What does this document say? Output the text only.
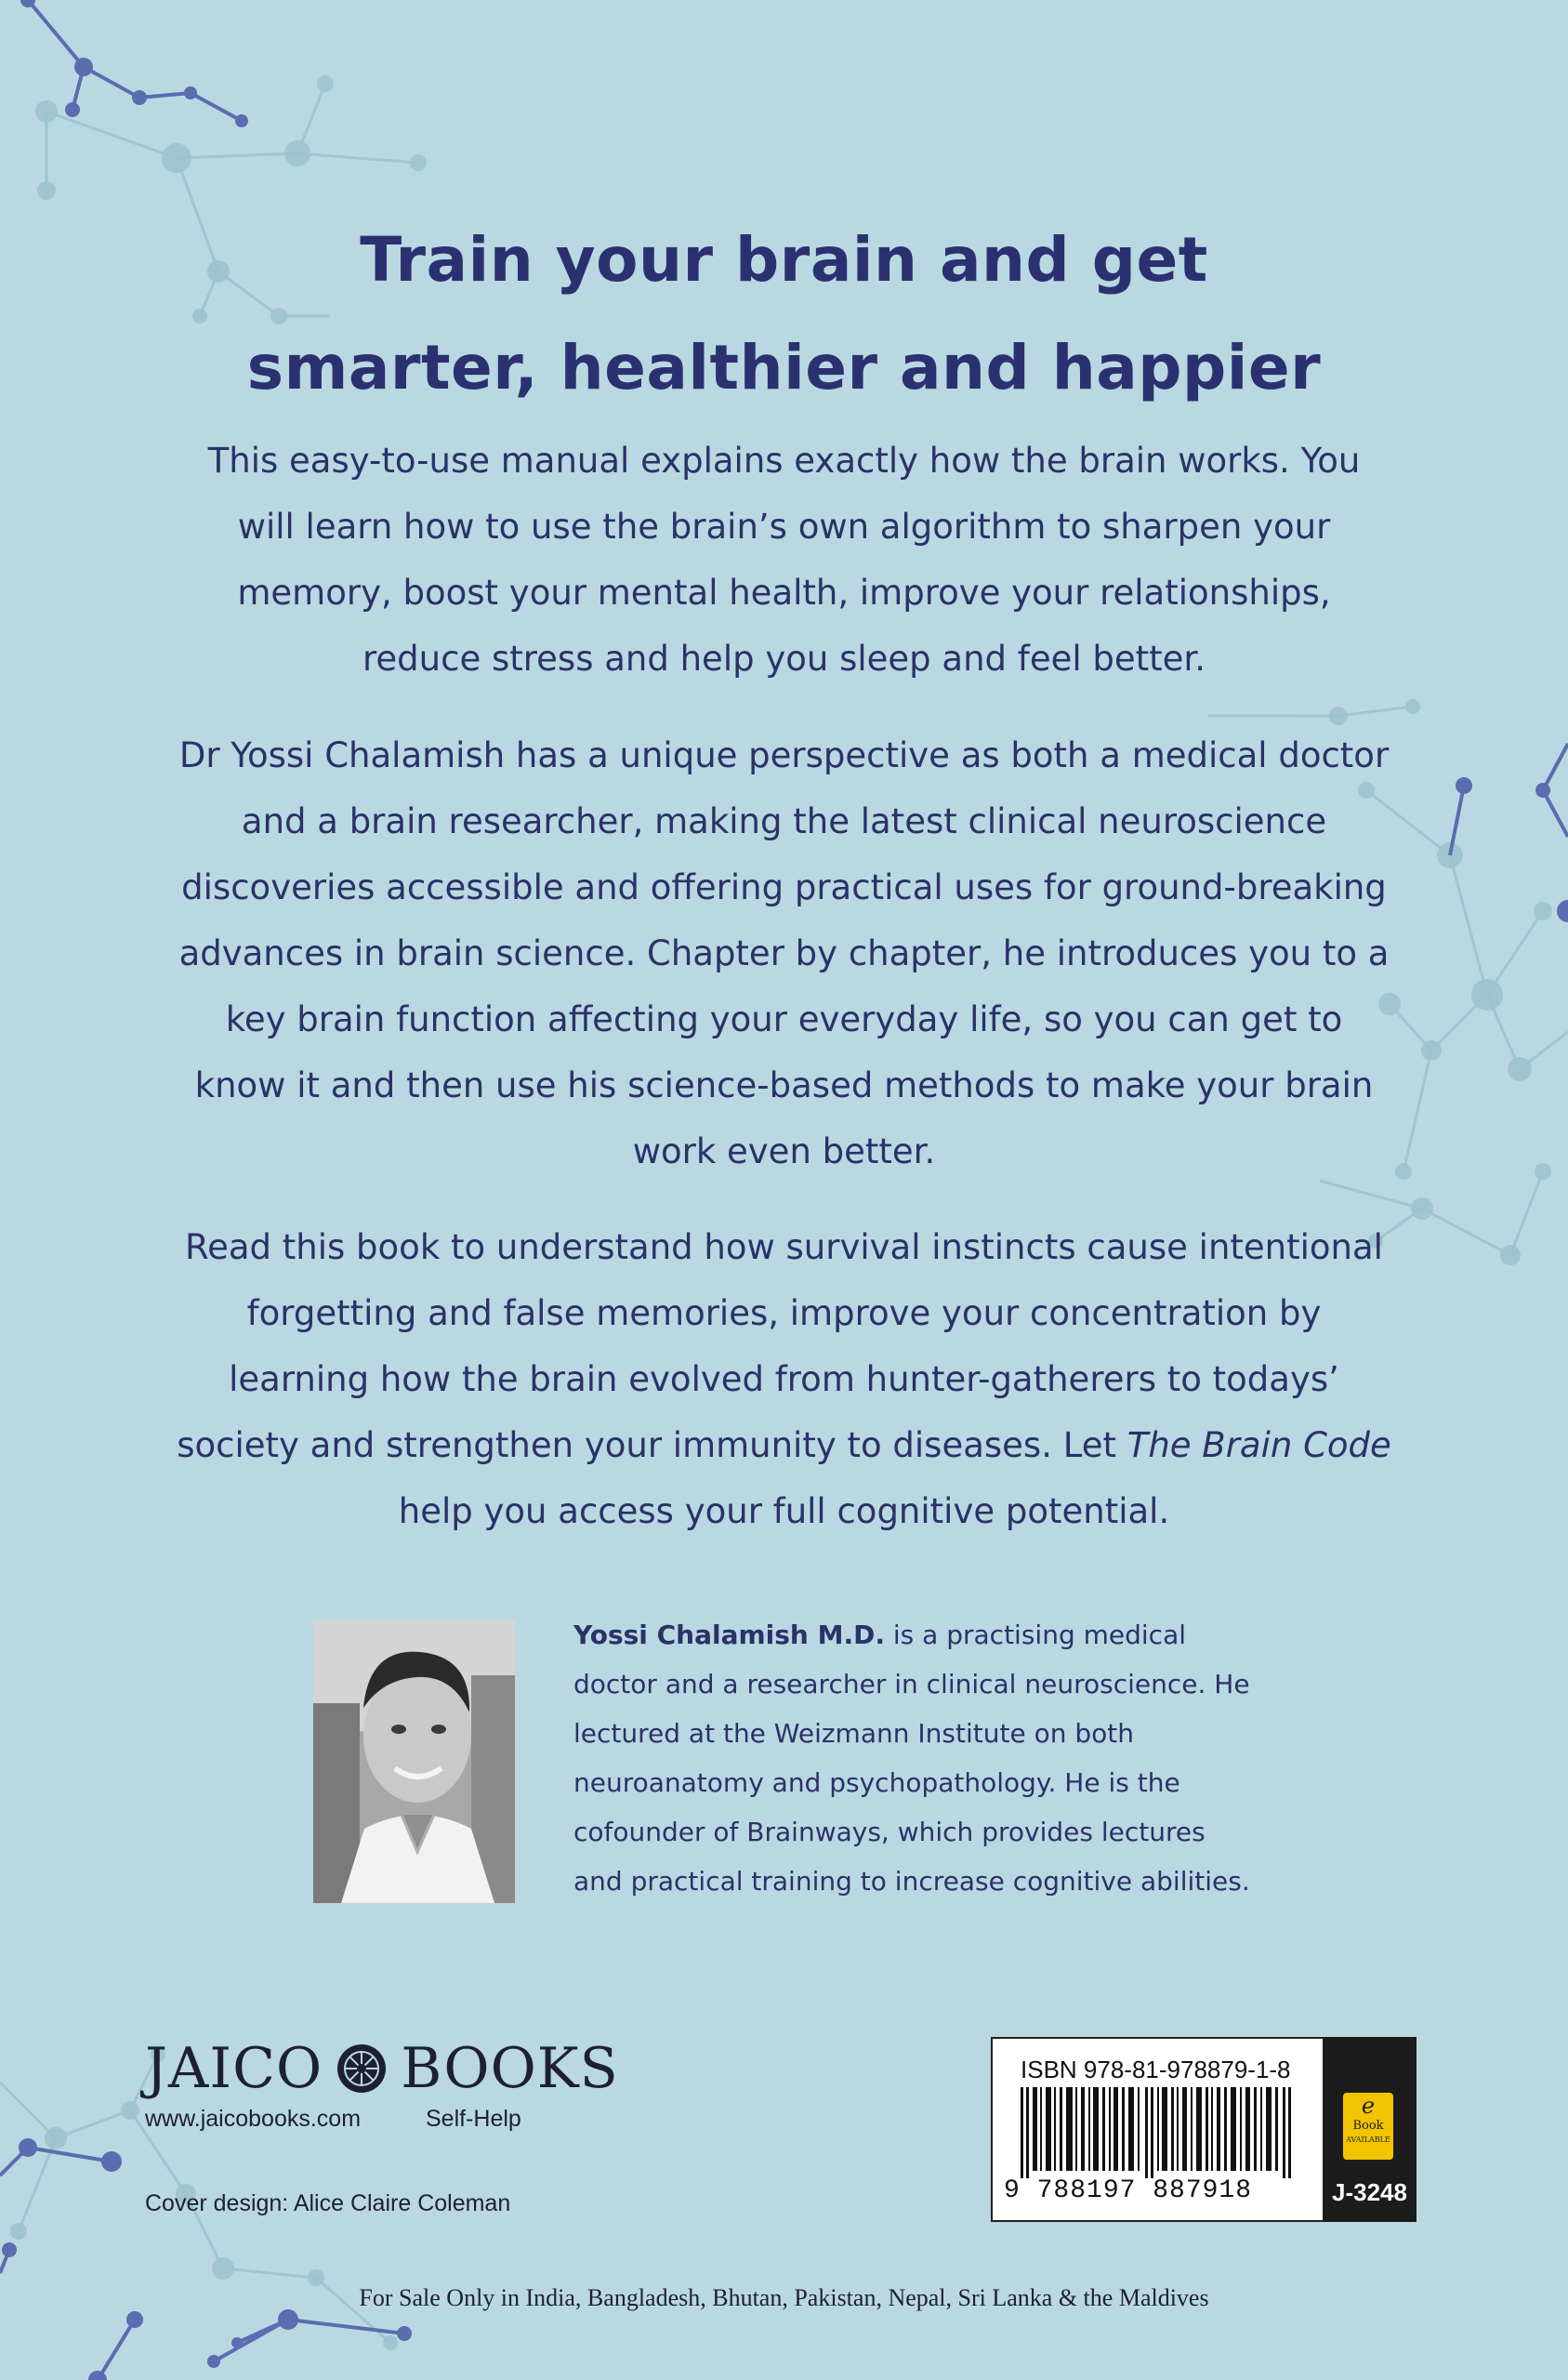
Train your brain and get
smarter, healthier and happier

This easy-to-use manual explains exactly how the brain works. You will learn how to use the brain’s own algorithm to sharpen your memory, boost your mental health, improve your relationships, reduce stress and help you sleep and feel better.

Dr Yossi Chalamish has a unique perspective as both a medical doctor and a brain researcher, making the latest clinical neuroscience discoveries accessible and offering practical uses for ground-breaking advances in brain science. Chapter by chapter, he introduces you to a key brain function affecting your everyday life, so you can get to know it and then use his science-based methods to make your brain work even better.

Read this book to understand how survival instincts cause intentional forgetting and false memories, improve your concentration by learning how the brain evolved from hunter-gatherers to todays’ society and strengthen your immunity to diseases. Let The Brain Code help you access your full cognitive potential.

Yossi Chalamish M.D. is a practising medical doctor and a researcher in clinical neuroscience. He lectured at the Weizmann Institute on both neuroanatomy and psychopathology. He is the cofounder of Brainways, which provides lectures and practical training to increase cognitive abilities.

JAICO BOOKS
www.jaicobooks.com	Self-Help
Cover design: Alice Claire Coleman
ISBN 978-81-978879-1-8
9 788197 887918
e
Book
AVAILABLE
J-3248
For Sale Only in India, Bangladesh, Bhutan, Pakistan, Nepal, Sri Lanka & the Maldives
